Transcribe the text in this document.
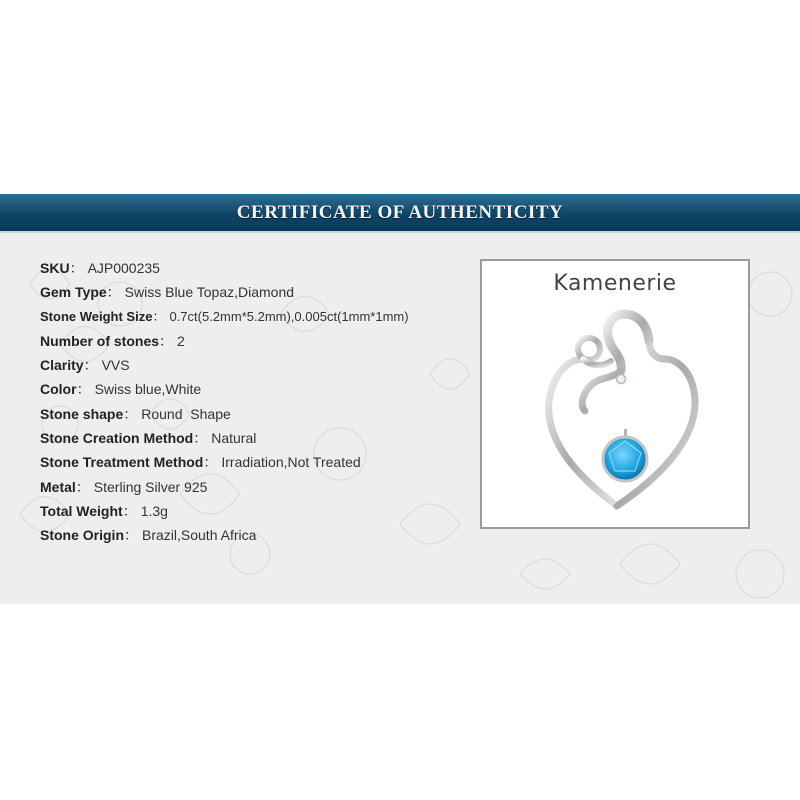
CERTIFICATE OF AUTHENTICITY
SKU： AJP000235
Gem Type： Swiss Blue Topaz,Diamond
Stone Weight Size： 0.7ct(5.2mm*5.2mm),0.005ct(1mm*1mm)
Number of stones： 2
Clarity： VVS
Color： Swiss blue,White
Stone shape： Round  Shape
Stone Creation Method： Natural
Stone Treatment Method： Irradiation,Not Treated
Metal： Sterling Silver 925
Total Weight： 1.3g
Stone Origin： Brazil,South Africa
Kamenerie
